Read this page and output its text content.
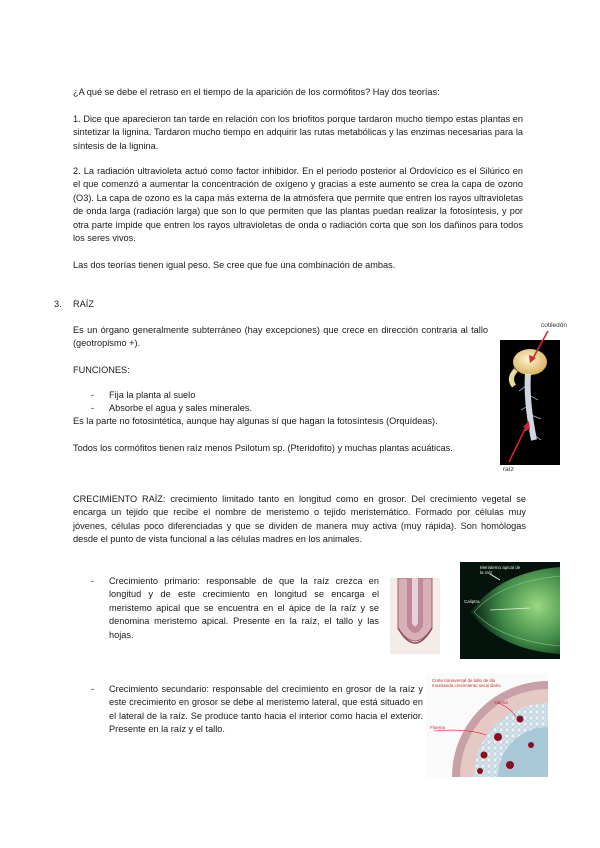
¿A qué se debe el retraso en el tiempo de la aparición de los cormófitos? Hay dos teorías:
1. Dice que aparecieron tan tarde en relación con los briofitos porque tardaron mucho tiempo estas plantas en sintetizar la lignina. Tardaron mucho tiempo en adquirir las rutas metabólicas y las enzimas necesarias para la síntesis de la lignina.
2. La radiación ultravioleta actuó como factor inhibidor. En el periodo posterior al Ordovícico es el Silúrico en el que comenzó a aumentar la concentración de oxígeno y gracias a este aumento se crea la capa de ozono (O3). La capa de ozono es la capa más externa de la atmósfera que permite que entren los rayos ultravioletas de onda larga (radiación larga) que son lo que permiten que las plantas puedan realizar la fotosíntesis, y por otra parte impide que entren los rayos ultravioletas de onda o radiación corta que son los dañinos para todos los seres vivos.
Las dos teorías tienen igual peso. Se cree que fue una combinación de ambas.
3. RAÍZ
Es un órgano generalmente subterráneo (hay excepciones) que crece en dirección contraria al tallo (geotropismo +).
FUNCIONES:
- Fija la planta al suelo
- Absorbe el agua y sales minerales.
Es la parte no fotosintética, aunque hay algunas sí que hagan la fotosíntesis (Orquídeas).
Todos los cormófitos tienen raíz menos Psilotum sp. (Pteridofito) y muchas plantas acuáticas.
CRECIMIENTO RAÍZ: crecimiento limitado tanto en longitud como en grosor. Del crecimiento vegetal se encarga un tejido que recibe el nombre de meristemo o tejido meristemático. Formado por células muy jóvenes, células poco diferenciadas y que se dividen de manera muy activa (muy rápida). Son homólogas desde el punto de vista funcional a las células madres en los animales.
- Crecimiento primario: responsable de que la raíz crezca en longitud y de este crecimiento en longitud se encarga el meristemo apical que se encuentra en el ápice de la raíz y se denomina meristemo apical. Presente en la raíz, el tallo y las hojas.
- Crecimiento secundario: responsable del crecimiento en grosor de la raíz y este crecimiento en grosor se debe al meristemo lateral, que está situado en el lateral de la raíz. Se produce tanto hacia el interior como hacia el exterior. Presente en la raíz y el tallo.
cotiledón
raíz
Meristemo apical de la raíz
Caliptra
Corte transversal de tallo de tilo mostrando crecimiento secundario
Xilema
Floema
